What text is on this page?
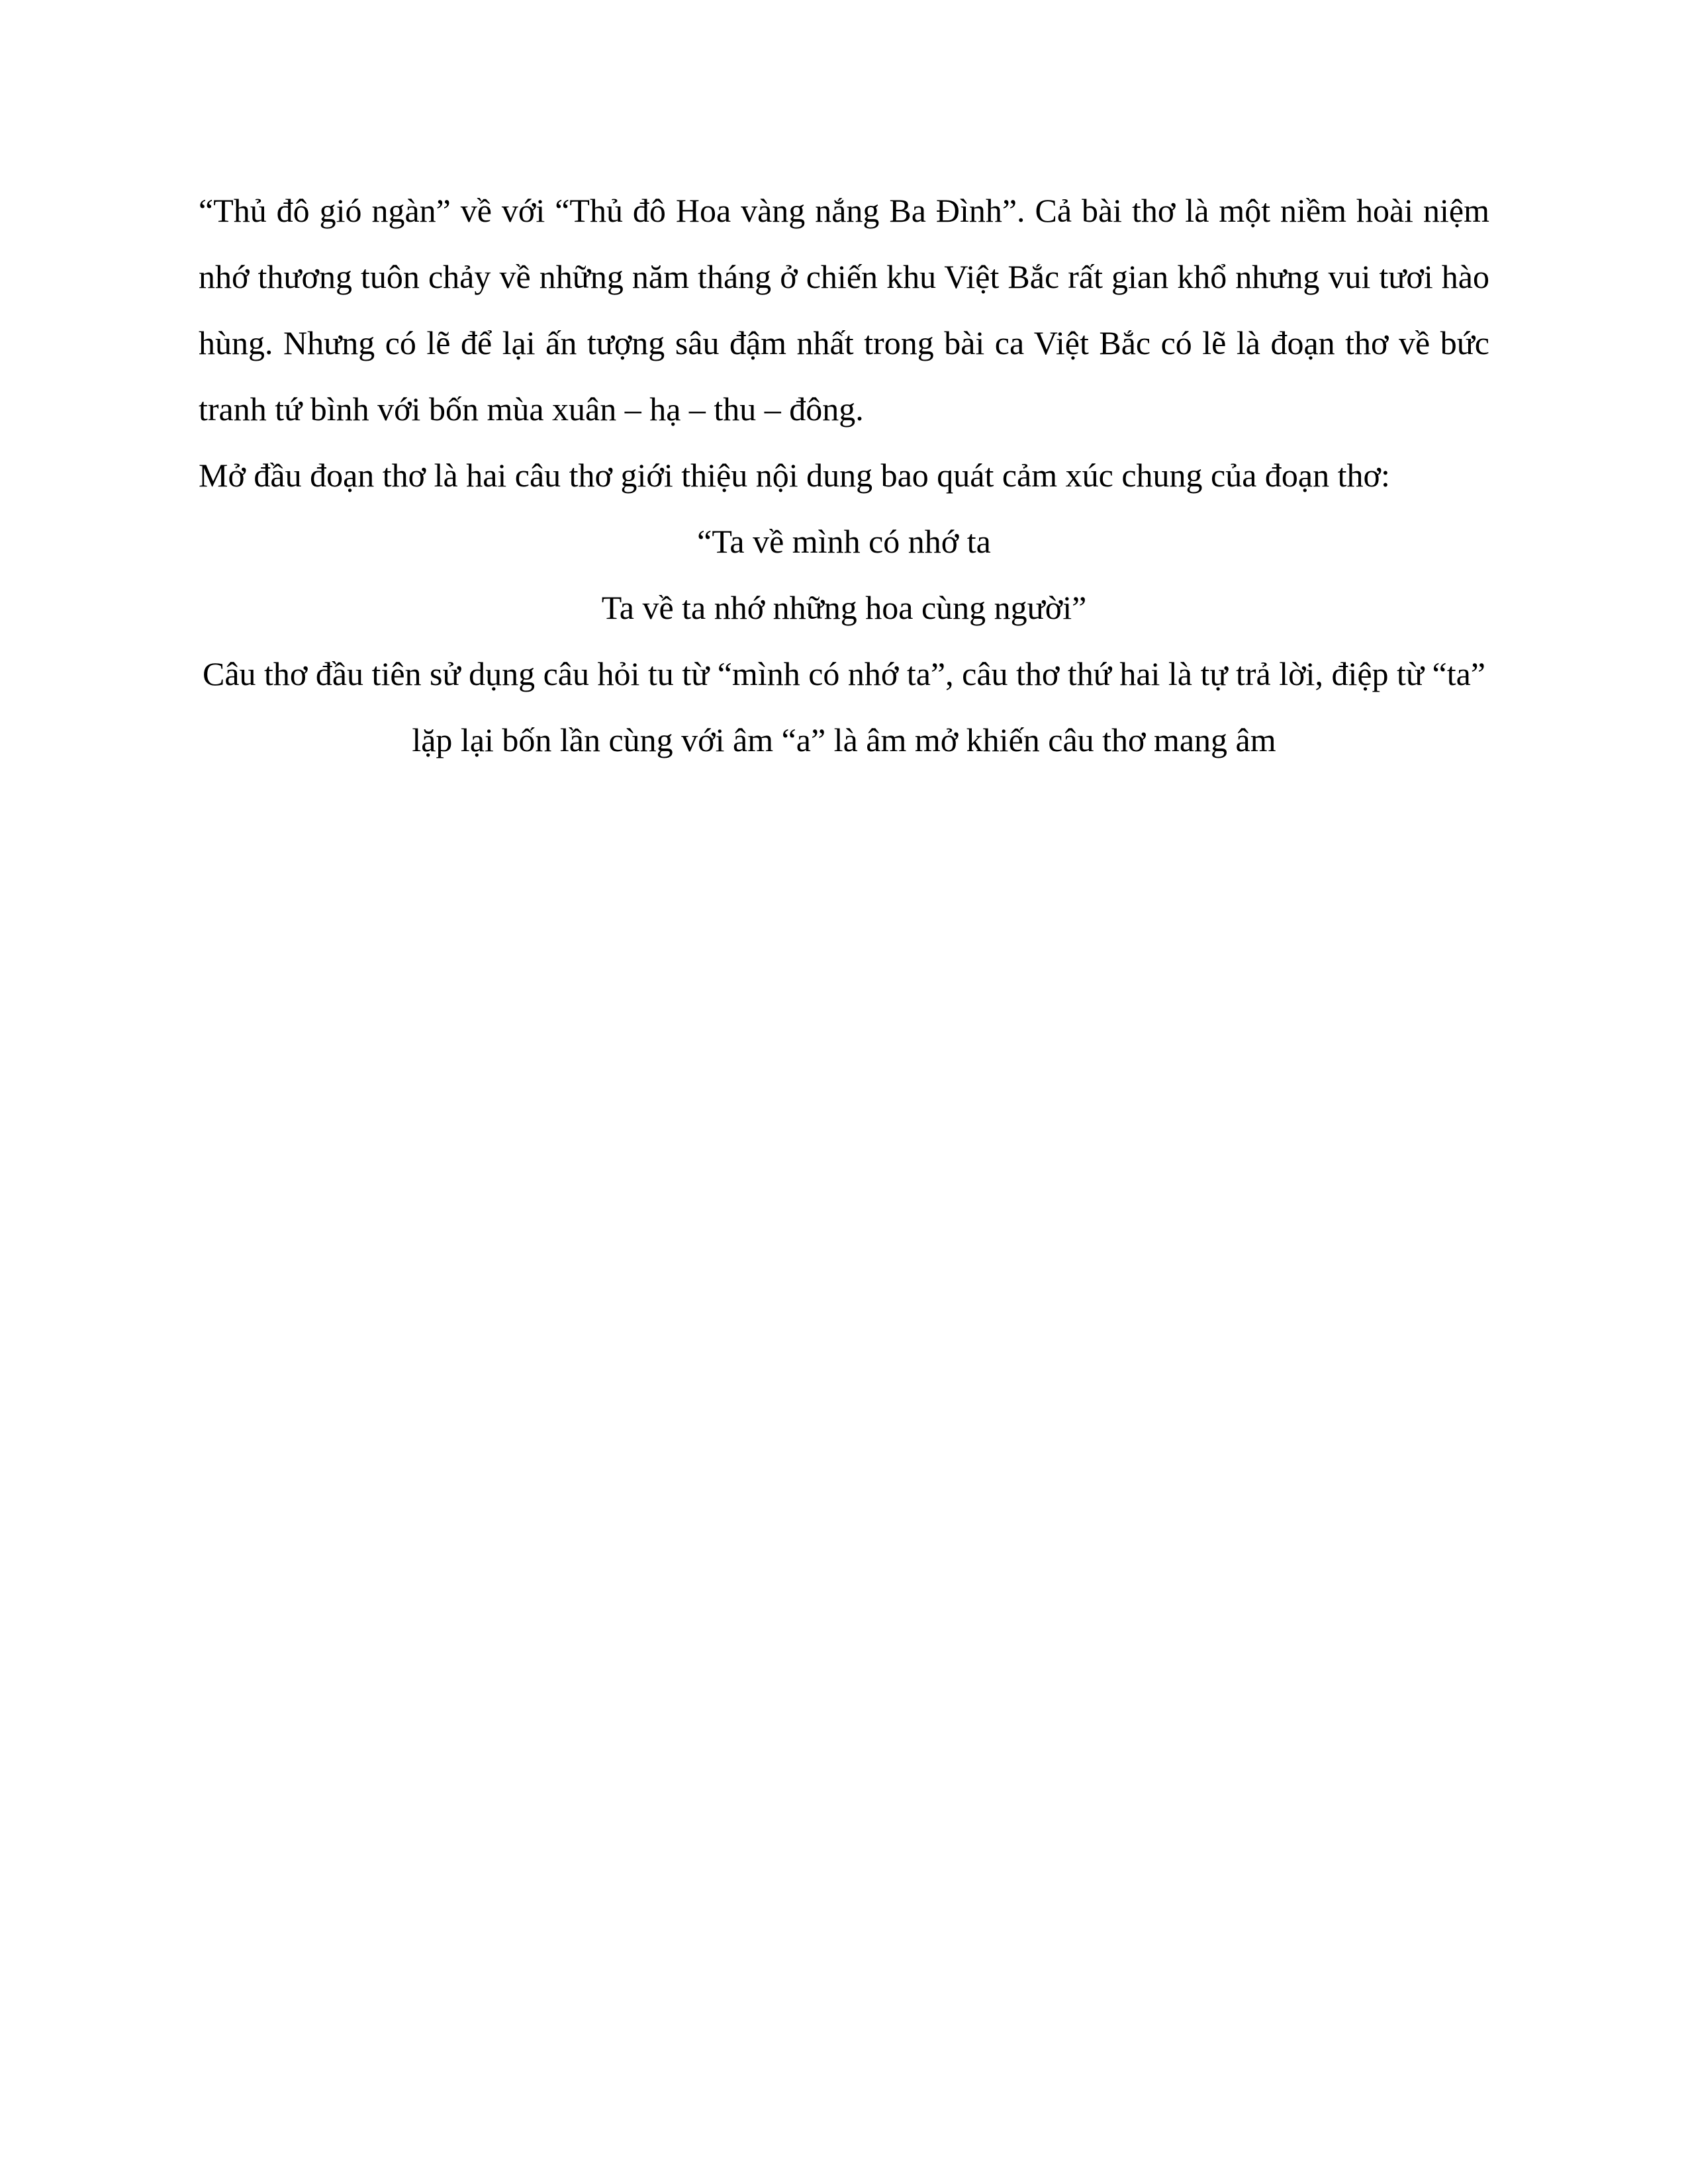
“Thủ đô gió ngàn” về với “Thủ đô Hoa vàng nắng Ba Đình”. Cả bài thơ là một niềm hoài niệm nhớ thương tuôn chảy về những năm tháng ở chiến khu Việt Bắc rất gian khổ nhưng vui tươi hào hùng. Nhưng có lẽ để lại ấn tượng sâu đậm nhất trong bài ca Việt Bắc có lẽ là đoạn thơ về bức tranh tứ bình với bốn mùa xuân – hạ – thu – đông.

Mở đầu đoạn thơ là hai câu thơ giới thiệu nội dung bao quát cảm xúc chung của đoạn thơ:

“Ta về mình có nhớ ta

Ta về ta nhớ những hoa cùng người”

Câu thơ đầu tiên sử dụng câu hỏi tu từ “mình có nhớ ta”, câu thơ thứ hai là tự trả lời, điệp từ “ta” lặp lại bốn lần cùng với âm “a” là âm mở khiến câu thơ mang âm
